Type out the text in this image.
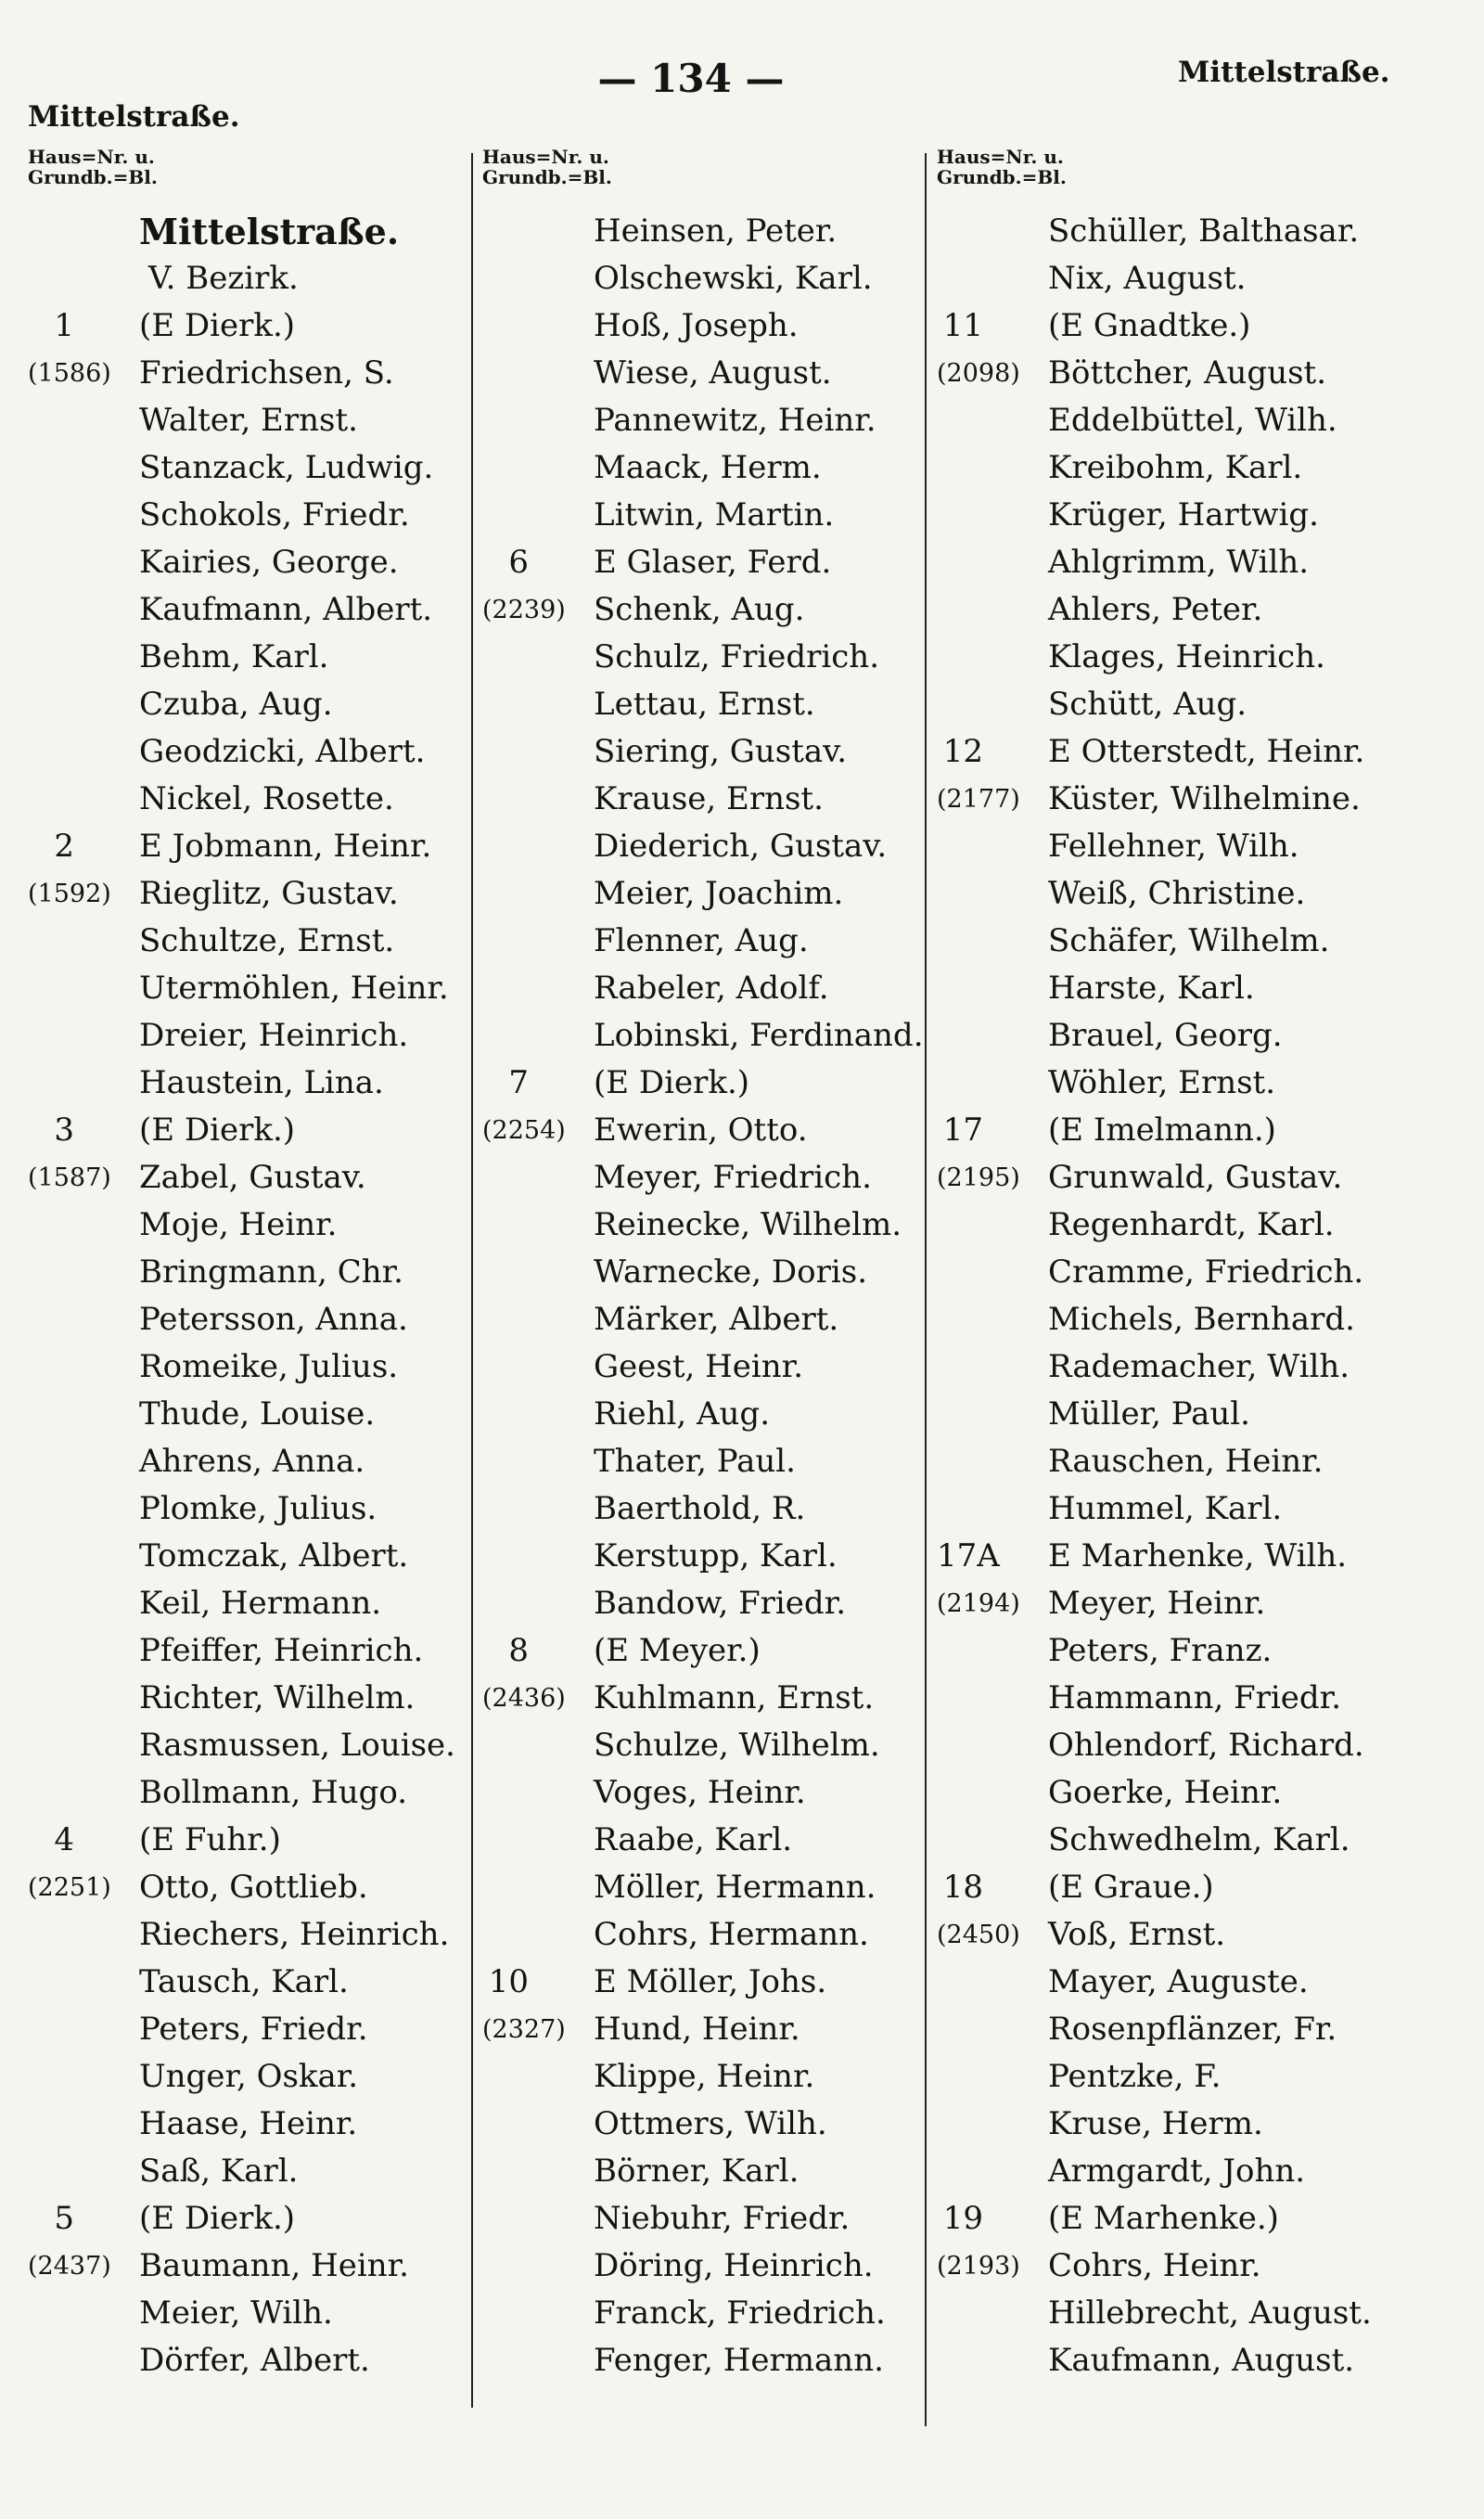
Mittelstraße.
— 134 —	Mittelstraße.
Haus=Nr. u.
Grundb.=Bl.
Mittelstraße.
V. Bezirk.
1	(E Dierk.)
(1586) Friedrichsen, S.
Walter, Ernst.
Stanzack, Ludwig.
Schokols, Friedr.
Kairies, George.
Kaufmann, Albert.
Behm, Karl.
Czuba, Aug.
Geodzicki, Albert.
Nickel, Rosette.
2	E Jobmann, Heinr.
(1592) Rieglitz, Gustav.
Schultze, Ernst.
Utermöhlen, Heinr.
Dreier, Heinrich.
Haustein, Lina.
3	(E Dierk.)
(1587) Zabel, Gustav.
Moje, Heinr.
Bringmann, Chr.
Petersson, Anna.
Romeike, Julius.
Thude, Louise.
Ahrens, Anna.
Plomke, Julius.
Tomczak, Albert.
Keil, Hermann.
Pfeiffer, Heinrich.
Richter, Wilhelm.
Rasmussen, Louise.
Bollmann, Hugo.
4	(E Fuhr.)
(2251) Otto, Gottlieb.
Riechers, Heinrich.
Tausch, Karl.
Peters, Friedr.
Unger, Oskar.
Haase, Heinr.
Saß, Karl.
5	(E Dierk.)
(2437) Baumann, Heinr.
Meier, Wilh.
Dörfer, Albert.
Haus=Nr. u.
Grundb.=Bl.
Heinsen, Peter.
Olschewski, Karl.
Hoß, Joseph.
Wiese, August.
Pannewitz, Heinr.
Maack, Herm.
Litwin, Martin.
6	E Glaser, Ferd.
(2239) Schenk, Aug.
Schulz, Friedrich.
Lettau, Ernst.
Siering, Gustav.
Krause, Ernst.
Diederich, Gustav.
Meier, Joachim.
Flenner, Aug.
Rabeler, Adolf.
Lobinski, Ferdinand.
7	(E Dierk.)
(2254) Ewerin, Otto.
Meyer, Friedrich.
Reinecke, Wilhelm.
Warnecke, Doris.
Märker, Albert.
Geest, Heinr.
Riehl, Aug.
Thater, Paul.
Baerthold, R.
Kerstupp, Karl.
Bandow, Friedr.
8	(E Meyer.)
(2436) Kuhlmann, Ernst.
Schulze, Wilhelm.
Voges, Heinr.
Raabe, Karl.
Möller, Hermann.
Cohrs, Hermann.
10	E Möller, Johs.
(2327) Hund, Heinr.
Klippe, Heinr.
Ottmers, Wilh.
Börner, Karl.
Niebuhr, Friedr.
Döring, Heinrich.
Franck, Friedrich.
Fenger, Hermann.
Haus=Nr. u.
Grundb.=Bl.
Schüller, Balthasar.
Nix, August.
11	(E Gnadtke.)
(2098) Böttcher, August.
Eddelbüttel, Wilh.
Kreibohm, Karl.
Krüger, Hartwig.
Ahlgrimm, Wilh.
Ahlers, Peter.
Klages, Heinrich.
Schütt, Aug.
12	E Otterstedt, Heinr.
(2177) Küster, Wilhelmine.
Fellehner, Wilh.
Weiß, Christine.
Schäfer, Wilhelm.
Harste, Karl.
Brauel, Georg.
Wöhler, Ernst.
17	(E Imelmann.)
(2195) Grunwald, Gustav.
Regenhardt, Karl.
Cramme, Friedrich.
Michels, Bernhard.
Rademacher, Wilh.
Müller, Paul.
Rauschen, Heinr.
Hummel, Karl.
17A	E Marhenke, Wilh.
(2194) Meyer, Heinr.
Peters, Franz.
Hammann, Friedr.
Ohlendorf, Richard.
Goerke, Heinr.
Schwedhelm, Karl.
18	(E Graue.)
(2450) Voß, Ernst.
Mayer, Auguste.
Rosenpflänzer, Fr.
Pentzke, F.
Kruse, Herm.
Armgardt, John.
19	(E Marhenke.)
(2193) Cohrs, Heinr.
Hillebrecht, August.
Kaufmann, August.
